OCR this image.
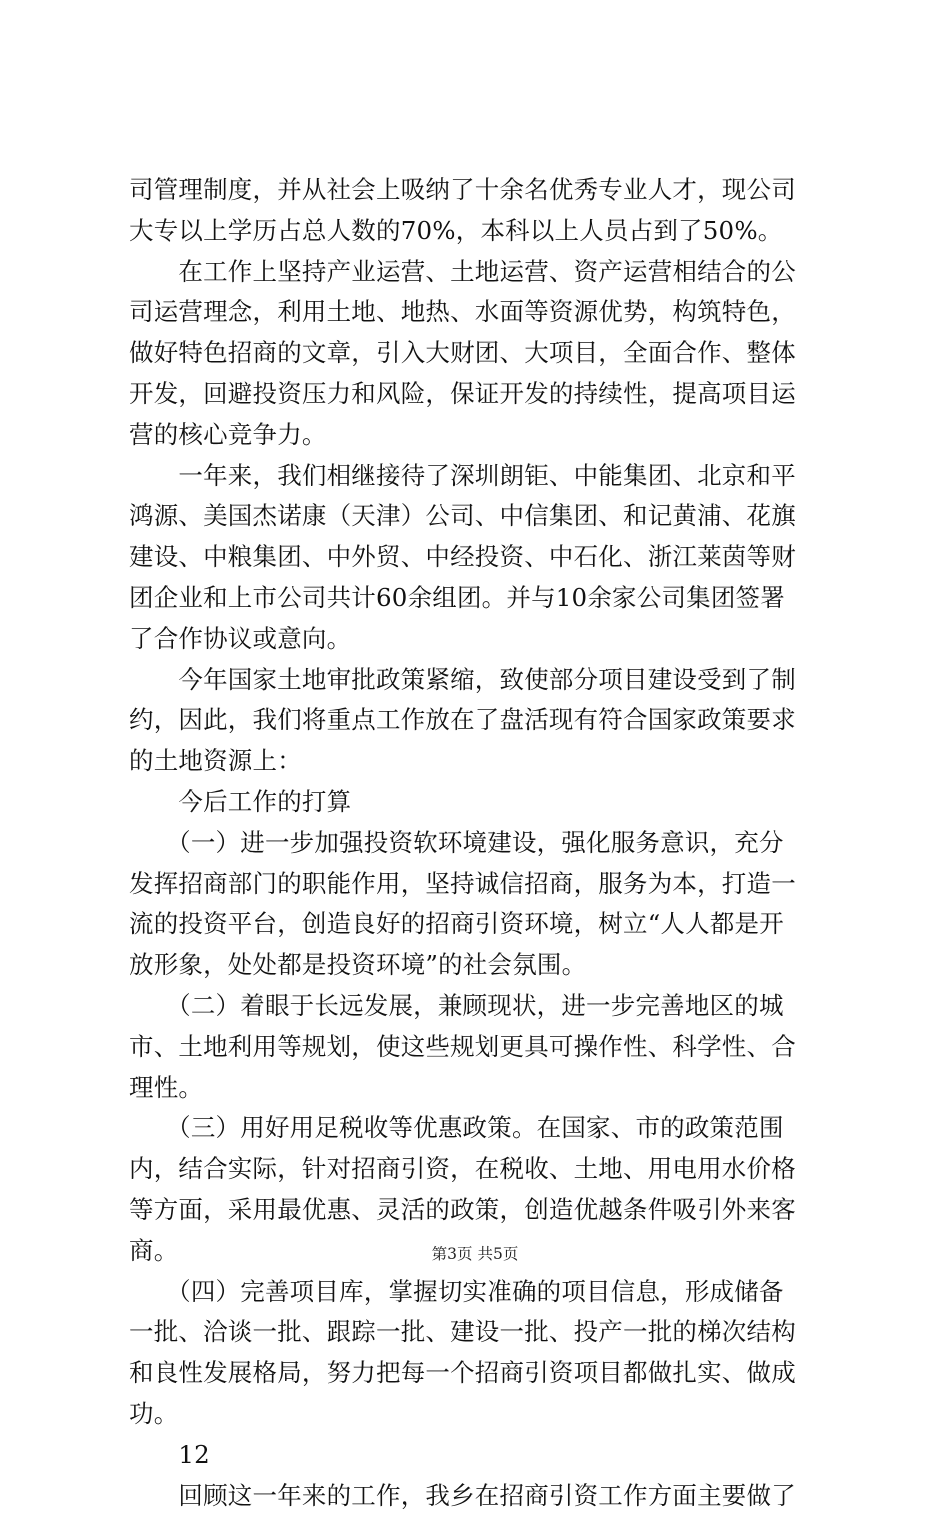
司管理制度，并从社会上吸纳了十余名优秀专业人才，现公司
大专以上学历占总人数的70%，本科以上人员占到了50%。
　　在工作上坚持产业运营、土地运营、资产运营相结合的公
司运营理念，利用土地、地热、水面等资源优势，构筑特色，
做好特色招商的文章，引入大财团、大项目，全面合作、整体
开发，回避投资压力和风险，保证开发的持续性，提高项目运
营的核心竞争力。
　　一年来，我们相继接待了深圳朗钜、中能集团、北京和平
鸿源、美国杰诺康（天津）公司、中信集团、和记黄浦、花旗
建设、中粮集团、中外贸、中经投资、中石化、浙江莱茵等财
团企业和上市公司共计60余组团。并与10余家公司集团签署
了合作协议或意向。
　　今年国家土地审批政策紧缩，致使部分项目建设受到了制
约，因此，我们将重点工作放在了盘活现有符合国家政策要求
的土地资源上：
　　今后工作的打算
　　（一）进一步加强投资软环境建设，强化服务意识，充分
发挥招商部门的职能作用，坚持诚信招商，服务为本，打造一
流的投资平台，创造良好的招商引资环境，树立“人人都是开
放形象，处处都是投资环境”的社会氛围。
　　（二）着眼于长远发展，兼顾现状，进一步完善地区的城
市、土地利用等规划，使这些规划更具可操作性、科学性、合
理性。
　　（三）用好用足税收等优惠政策。在国家、市的政策范围
内，结合实际，针对招商引资，在税收、土地、用电用水价格
等方面，采用最优惠、灵活的政策，创造优越条件吸引外来客
商。
　　（四）完善项目库，掌握切实准确的项目信息，形成储备
一批、洽谈一批、跟踪一批、建设一批、投产一批的梯次结构
和良性发展格局，努力把每一个招商引资项目都做扎实、做成
功。
　　12
　　回顾这一年来的工作，我乡在招商引资工作方面主要做了
第3页 共5页
